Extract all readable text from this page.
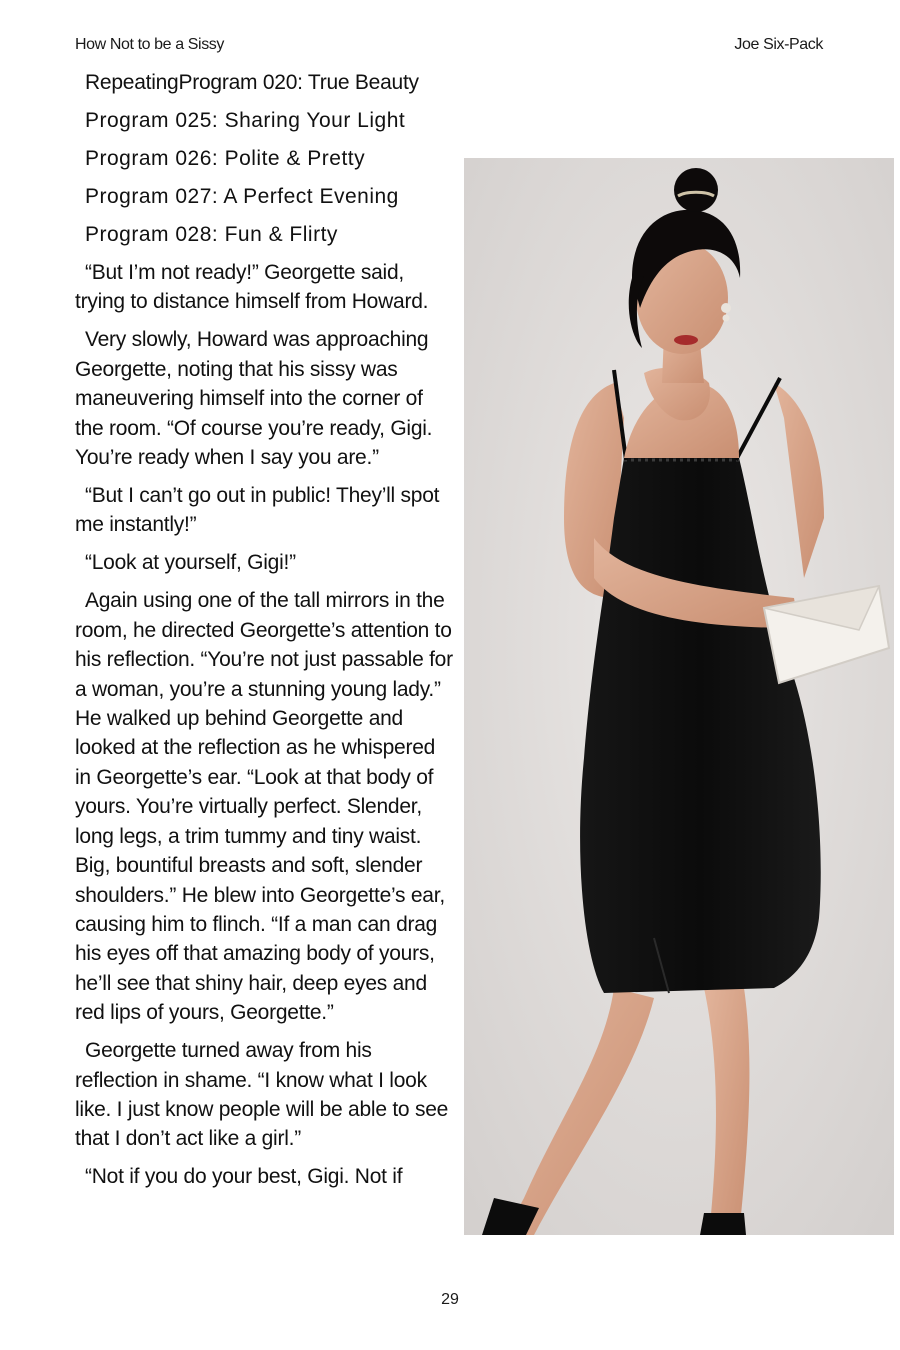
How Not to be a Sissy	Joe Six-Pack

RepeatingProgram 020: True Beauty

Program 025: Sharing Your Light

Program 026: Polite & Pretty

Program 027: A Perfect Evening

Program 028: Fun & Flirty

“But I’m not ready!” Georgette said, trying to distance himself from Howard.

Very slowly, Howard was approaching Georgette, noting that his sissy was maneuvering himself into the corner of the room. “Of course you’re ready, Gigi. You’re ready when I say you are.”

“But I can’t go out in public! They’ll spot me instantly!”

“Look at yourself, Gigi!”

Again using one of the tall mirrors in the room, he directed Georgette’s attention to his reflection. “You’re not just passable for a woman, you’re a stunning young lady.” He walked up behind Georgette and looked at the reflection as he whispered in Georgette’s ear. “Look at that body of yours. You’re virtually perfect. Slender, long legs, a trim tummy and tiny waist. Big, bountiful breasts and soft, slender shoulders.” He blew into Georgette’s ear, causing him to flinch. “If a man can drag his eyes off that amazing body of yours, he’ll see that shiny hair, deep eyes and red lips of yours, Georgette.”

Georgette turned away from his reflection in shame. “I know what I look like. I just know people will be able to see that I don’t act like a girl.”

“Not if you do your best, Gigi. Not if

29
